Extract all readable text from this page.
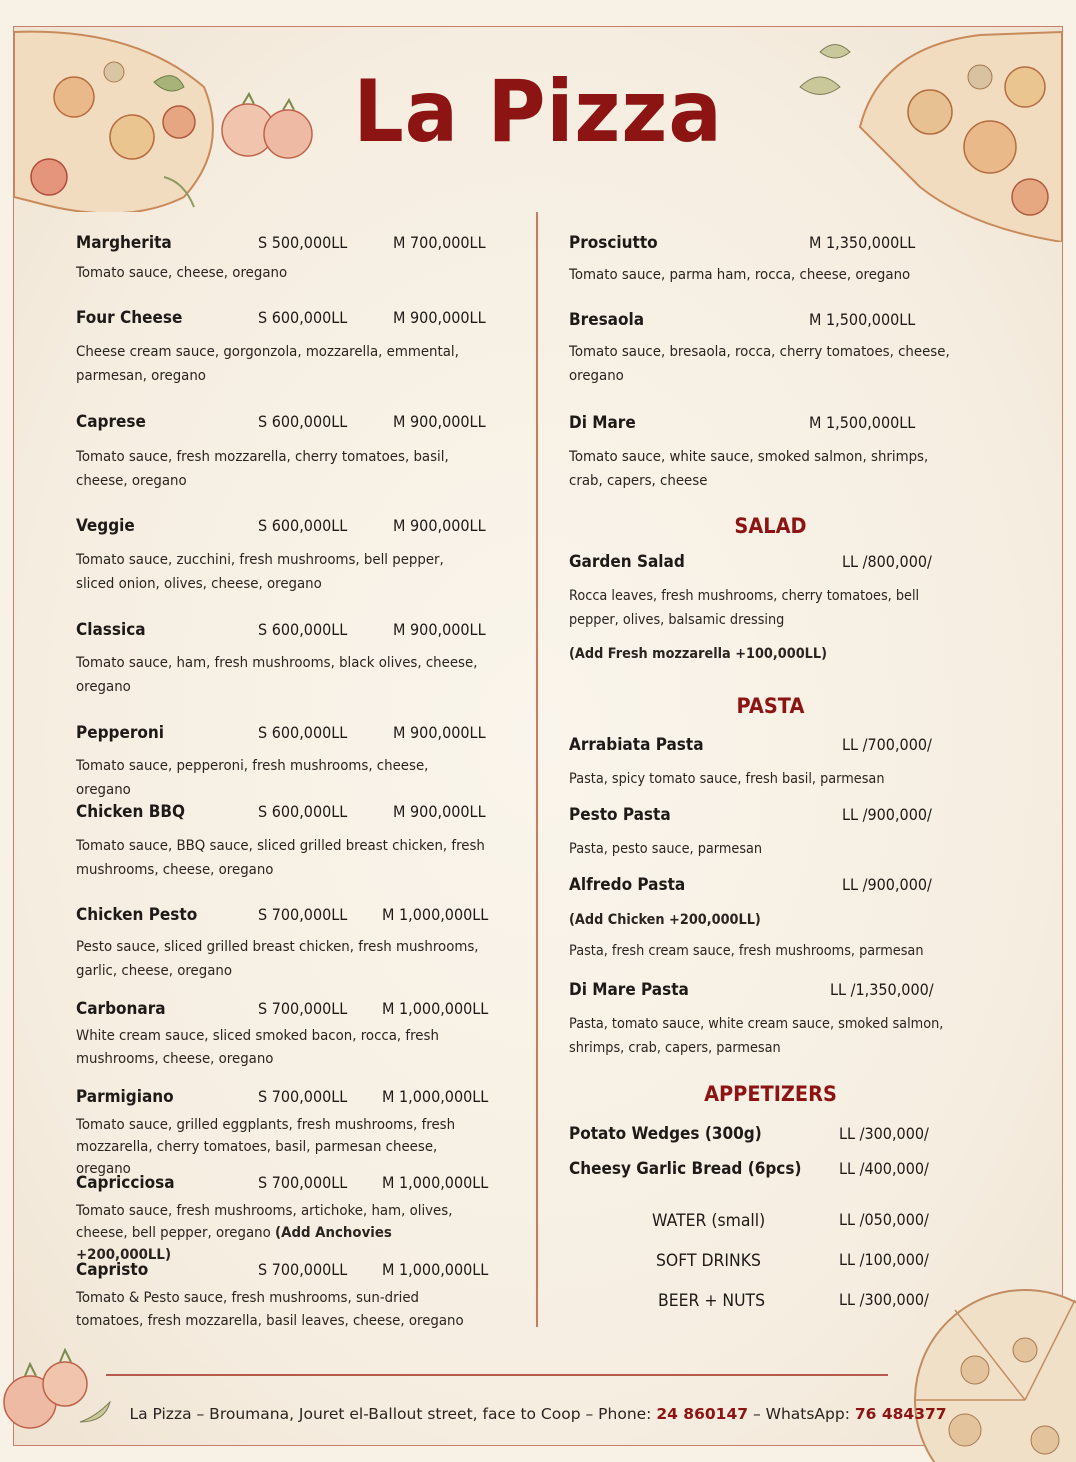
La Pizza
Margherita	S 500,000LL	M 700,000LL
Tomato sauce, cheese, oregano
Four Cheese	S 600,000LL	M 900,000LL
Cheese cream sauce, gorgonzola, mozzarella, emmental, parmesan, oregano
Caprese	S 600,000LL	M 900,000LL
Tomato sauce, fresh mozzarella, cherry tomatoes, basil, cheese, oregano
Veggie	S 600,000LL	M 900,000LL
Tomato sauce, zucchini, fresh mushrooms, bell pepper, sliced onion, olives, cheese, oregano
Classica	S 600,000LL	M 900,000LL
Tomato sauce, ham, fresh mushrooms, black olives, cheese, oregano
Pepperoni	S 600,000LL	M 900,000LL
Tomato sauce, pepperoni, fresh mushrooms, cheese, oregano
Chicken BBQ	S 600,000LL	M 900,000LL
Tomato sauce, BBQ sauce, sliced grilled breast chicken, fresh mushrooms, cheese, oregano
Chicken Pesto	S 700,000LL M 1,000,000LL
Pesto sauce, sliced grilled breast chicken, fresh mushrooms, garlic, cheese, oregano
Carbonara	S 700,000LL M 1,000,000LL
White cream sauce, sliced smoked bacon, rocca, fresh mushrooms, cheese, oregano
Parmigiano	S 700,000LL M 1,000,000LL
Tomato sauce, grilled eggplants, fresh mushrooms, fresh mozzarella, cherry tomatoes, basil, parmesan cheese, oregano
Capricciosa	S 700,000LL M 1,000,000LL
Tomato sauce, fresh mushrooms, artichoke, ham, olives, cheese, bell pepper, oregano (Add Anchovies +200,000LL)
Capristo	S 700,000LL M 1,000,000LL
Tomato & Pesto sauce, fresh mushrooms, sun-dried tomatoes, fresh mozzarella, basil leaves, cheese, oregano
Prosciutto	M 1,350,000LL
Tomato sauce, parma ham, rocca, cheese, oregano
Bresaola	M 1,500,000LL
Tomato sauce, bresaola, rocca, cherry tomatoes, cheese, oregano
Di Mare	M 1,500,000LL
Tomato sauce, white sauce, smoked salmon, shrimps, crab, capers, cheese
SALAD
Garden Salad	LL /800,000/
Rocca leaves, fresh mushrooms, cherry tomatoes, bell pepper, olives, balsamic dressing
(Add Fresh mozzarella +100,000LL)
PASTA
Arrabiata Pasta	LL /700,000/
Pasta, spicy tomato sauce, fresh basil, parmesan
Pesto Pasta	LL /900,000/
Pasta, pesto sauce, parmesan
Alfredo Pasta	LL /900,000/
(Add Chicken +200,000LL)
Pasta, fresh cream sauce, fresh mushrooms, parmesan
Di Mare Pasta	LL /1,350,000/
Pasta, tomato sauce, white cream sauce, smoked salmon, shrimps, crab, capers, parmesan
APPETIZERS
Potato Wedges (300g)	LL /300,000/
Cheesy Garlic Bread (6pcs) LL /400,000/
WATER (small)	LL /050,000/
SOFT DRINKS	LL /100,000/
BEER + NUTS	LL /300,000/
La Pizza – Broumana, Jouret el-Ballout street, face to Coop – Phone: 24 860147 – WhatsApp: 76 484377
